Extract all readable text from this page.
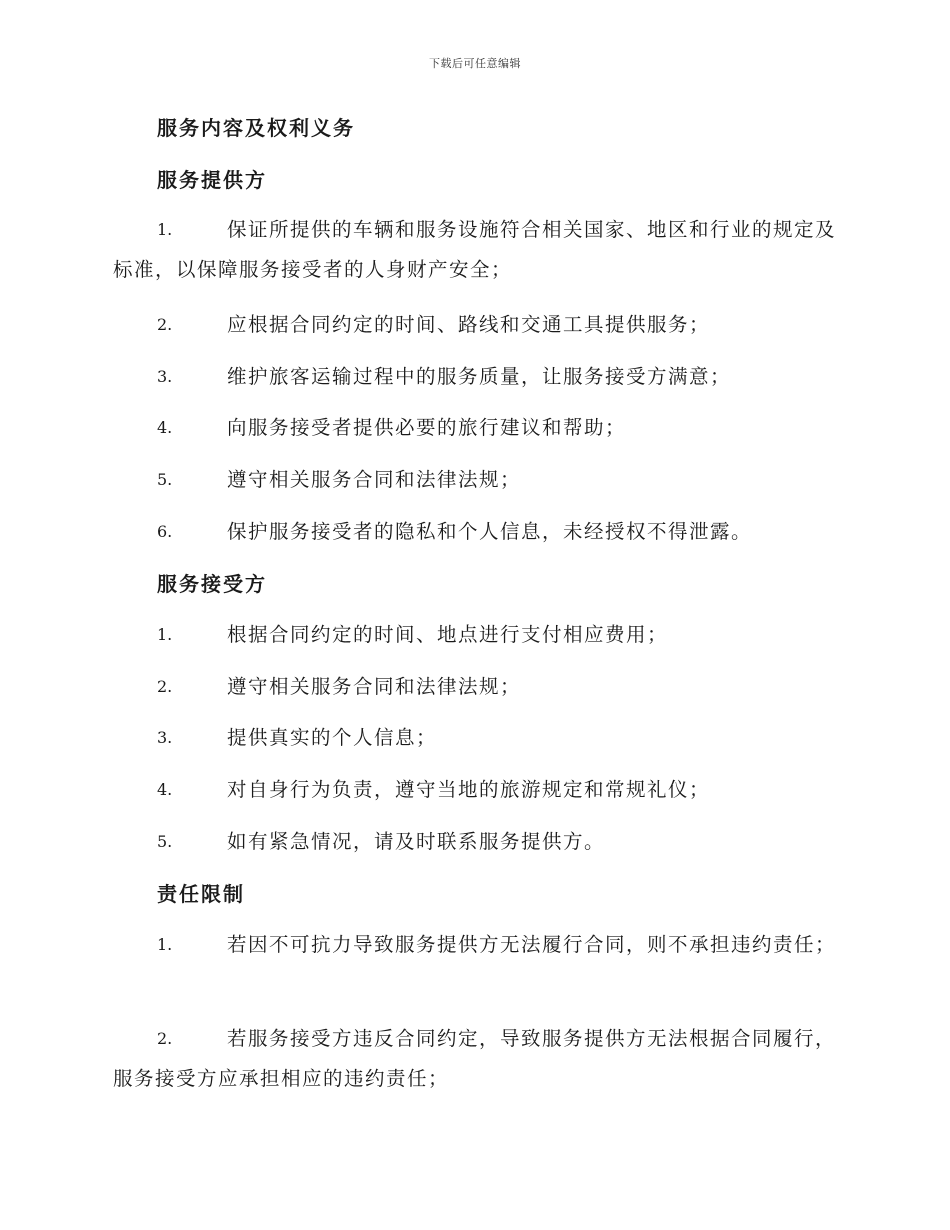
下载后可任意编辑
服务内容及权利义务
服务提供方
1.	保证所提供的车辆和服务设施符合相关国家、地区和行业的规定及标准，以保障服务接受者的人身财产安全；
2.	应根据合同约定的时间、路线和交通工具提供服务；
3.	维护旅客运输过程中的服务质量，让服务接受方满意；
4.	向服务接受者提供必要的旅行建议和帮助；
5.	遵守相关服务合同和法律法规；
6.	保护服务接受者的隐私和个人信息，未经授权不得泄露。
服务接受方
1.	根据合同约定的时间、地点进行支付相应费用；
2.	遵守相关服务合同和法律法规；
3.	提供真实的个人信息；
4.	对自身行为负责，遵守当地的旅游规定和常规礼仪；
5.	如有紧急情况，请及时联系服务提供方。
责任限制
1.	若因不可抗力导致服务提供方无法履行合同，则不承担违约责任；
2.	若服务接受方违反合同约定，导致服务提供方无法根据合同履行，服务接受方应承担相应的违约责任；
